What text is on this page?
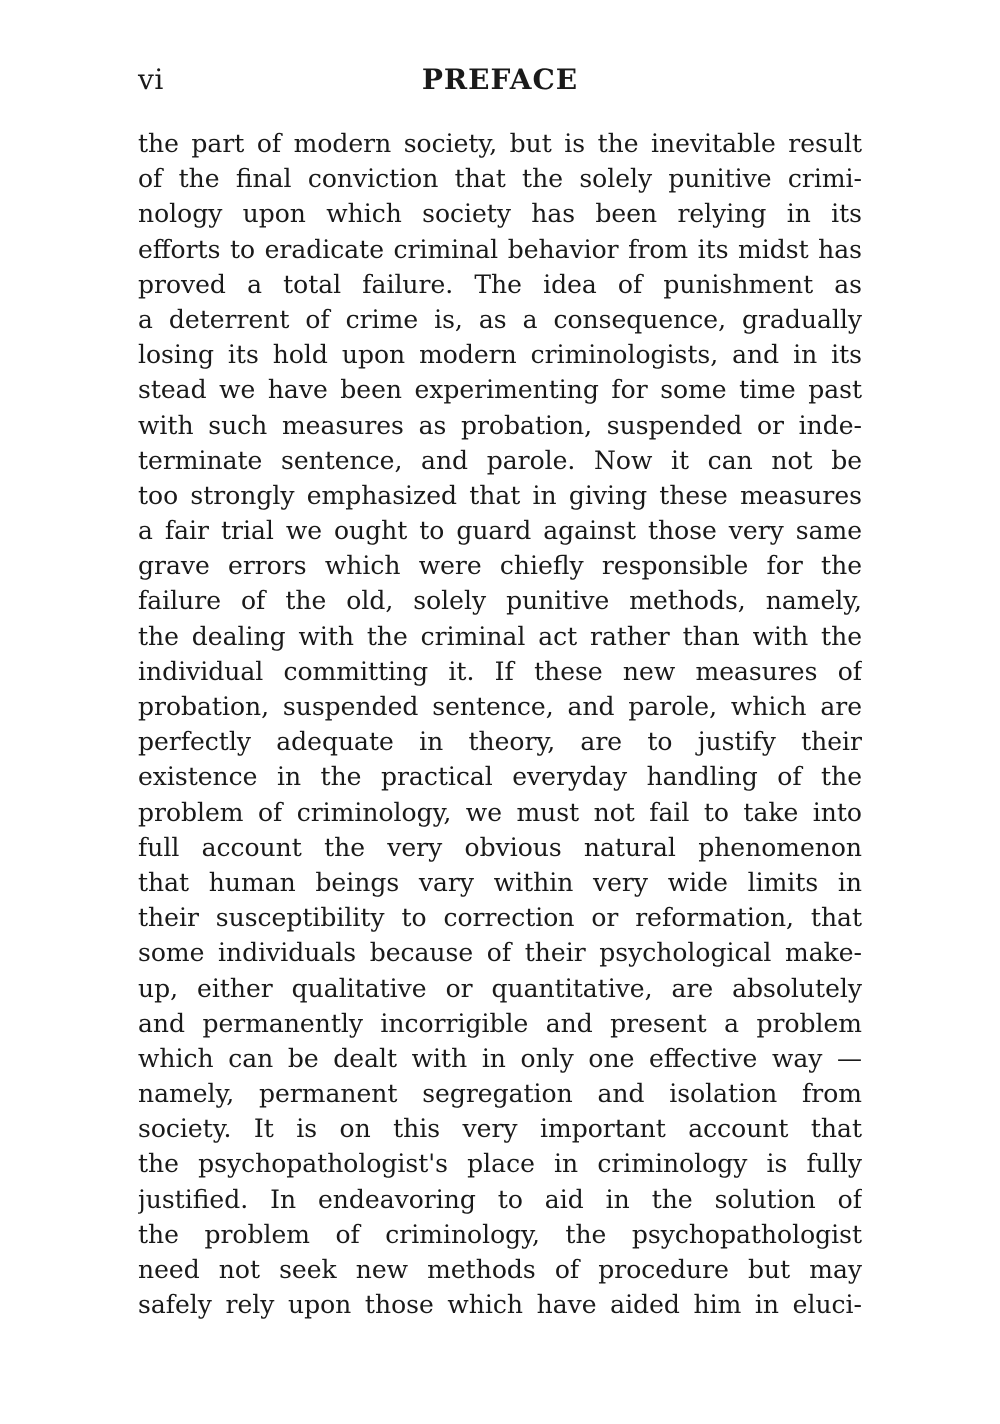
vi	PREFACE
the part of modern society, but is the inevitable result
of the final conviction that the solely punitive crimi-
nology upon which society has been relying in its
efforts to eradicate criminal behavior from its midst has
proved a total failure. The idea of punishment as
a deterrent of crime is, as a consequence, gradually
losing its hold upon modern criminologists, and in its
stead we have been experimenting for some time past
with such measures as probation, suspended or inde-
terminate sentence, and parole. Now it can not be
too strongly emphasized that in giving these measures
a fair trial we ought to guard against those very same
grave errors which were chiefly responsible for the
failure of the old, solely punitive methods, namely,
the dealing with the criminal act rather than with the
individual committing it. If these new measures of
probation, suspended sentence, and parole, which are
perfectly adequate in theory, are to justify their
existence in the practical everyday handling of the
problem of criminology, we must not fail to take into
full account the very obvious natural phenomenon
that human beings vary within very wide limits in
their susceptibility to correction or reformation, that
some individuals because of their psychological make-
up, either qualitative or quantitative, are absolutely
and permanently incorrigible and present a problem
which can be dealt with in only one effective way —
namely, permanent segregation and isolation from
society. It is on this very important account that
the psychopathologist's place in criminology is fully
justified. In endeavoring to aid in the solution of
the problem of criminology, the psychopathologist
need not seek new methods of procedure but may
safely rely upon those which have aided him in eluci-
